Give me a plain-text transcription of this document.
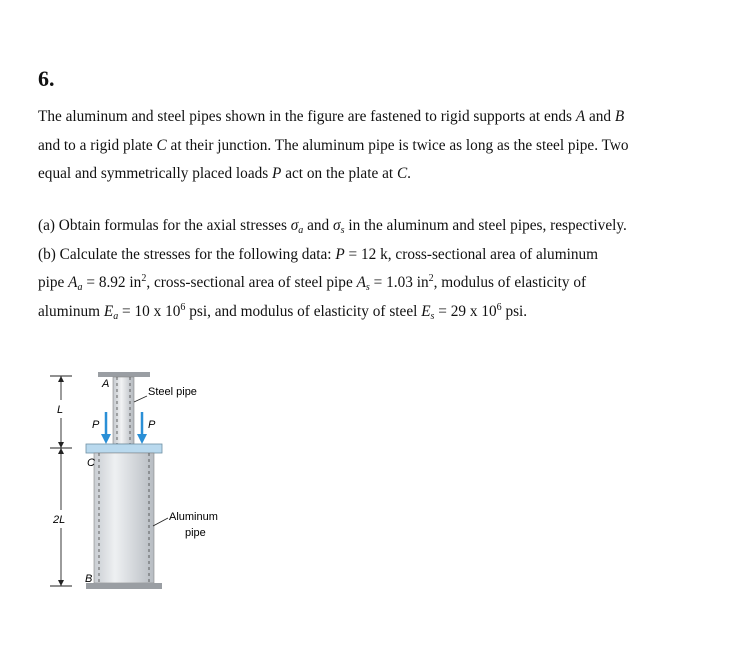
6.
The aluminum and steel pipes shown in the figure are fastened to rigid supports at ends A and B
and to a rigid plate C at their junction. The aluminum pipe is twice as long as the steel pipe. Two
equal and symmetrically placed loads P act on the plate at C.
(a) Obtain formulas for the axial stresses $\sigma_a$ and $\sigma_s$ in the aluminum and steel pipes, respectively.
(b) Calculate the stresses for the following data: P = 12 k, cross-sectional area of aluminum
pipe $A_a = 8.92$ $in^2$, cross-sectional area of steel pipe $A_s = 1.03$ $in^2$, modulus of elasticity of
aluminum $E_a = 10$ x $10^6$ psi, and modulus of elasticity of steel $E_s = 29$ x $10^6$ psi.
P	P
A
C
B
L
2L
Steel pipe
Aluminum
pipe
